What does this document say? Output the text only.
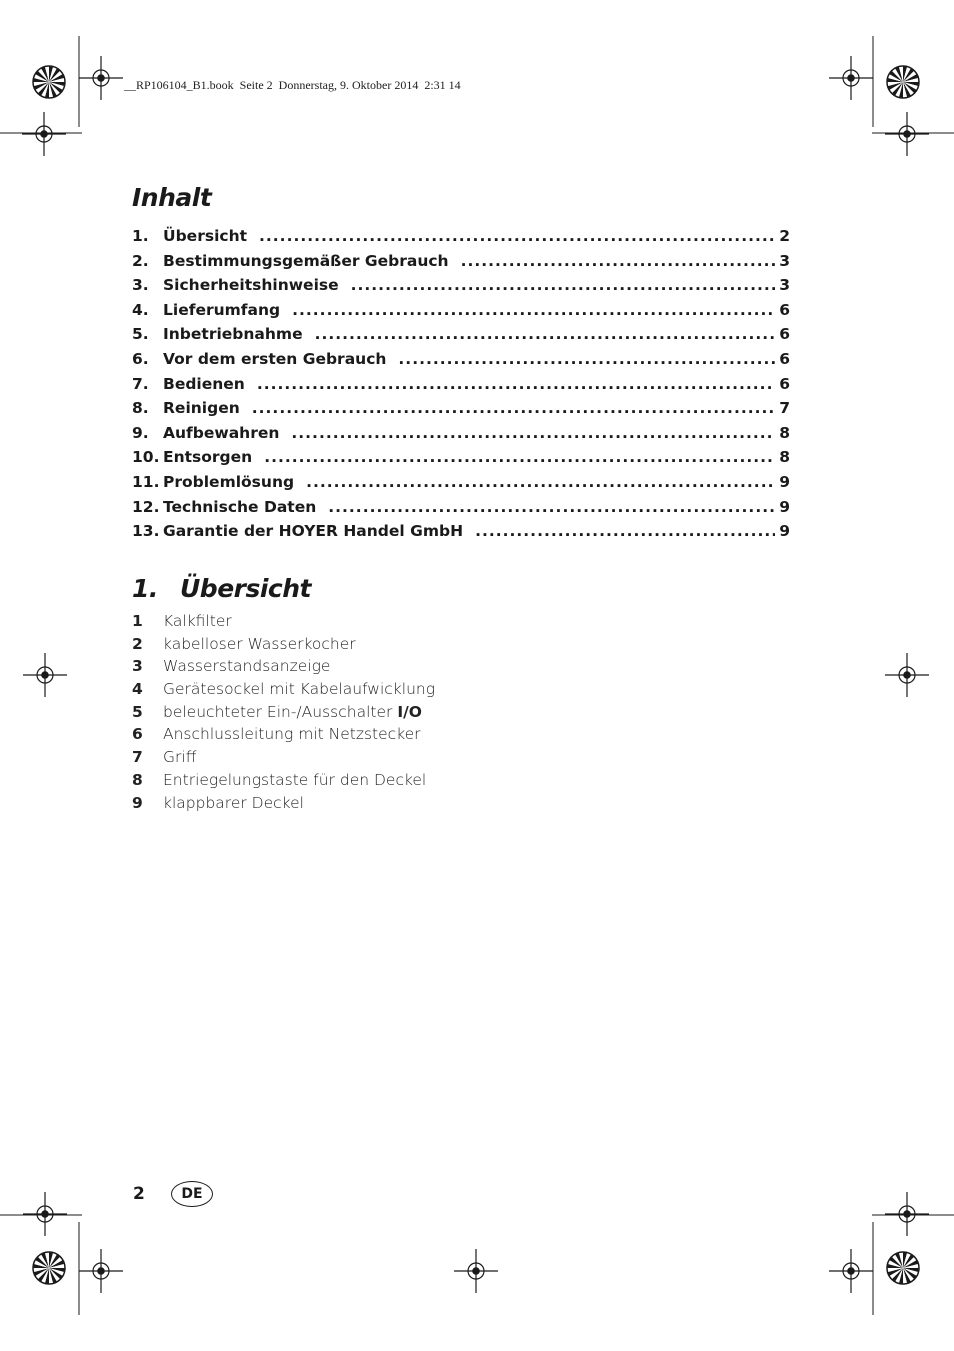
__RP106104_B1.book  Seite 2  Donnerstag, 9. Oktober 2014  2:31 14
Inhalt
1. Übersicht .....	2
2. Bestimmungsgemäßer Gebrauch .....	3
3. Sicherheitshinweise .....	3
4. Lieferumfang .....	6
5. Inbetriebnahme .....	6
6. Vor dem ersten Gebrauch .....	6
7. Bedienen .....	6
8. Reinigen .....	7
9. Aufbewahren .....	8
10. Entsorgen .....	8
11. Problemlösung .....	9
12. Technische Daten .....	9
13. Garantie der HOYER Handel GmbH .....	9
1. Übersicht
1	Kalkfilter
2	kabelloser Wasserkocher
3	Wasserstandsanzeige
4	Gerätesockel mit Kabelaufwicklung
5	beleuchteter Ein-/Ausschalter I/O
6	Anschlussleitung mit Netzstecker
7	Griff
8	Entriegelungstaste für den Deckel
9	klappbarer Deckel
2	DE
